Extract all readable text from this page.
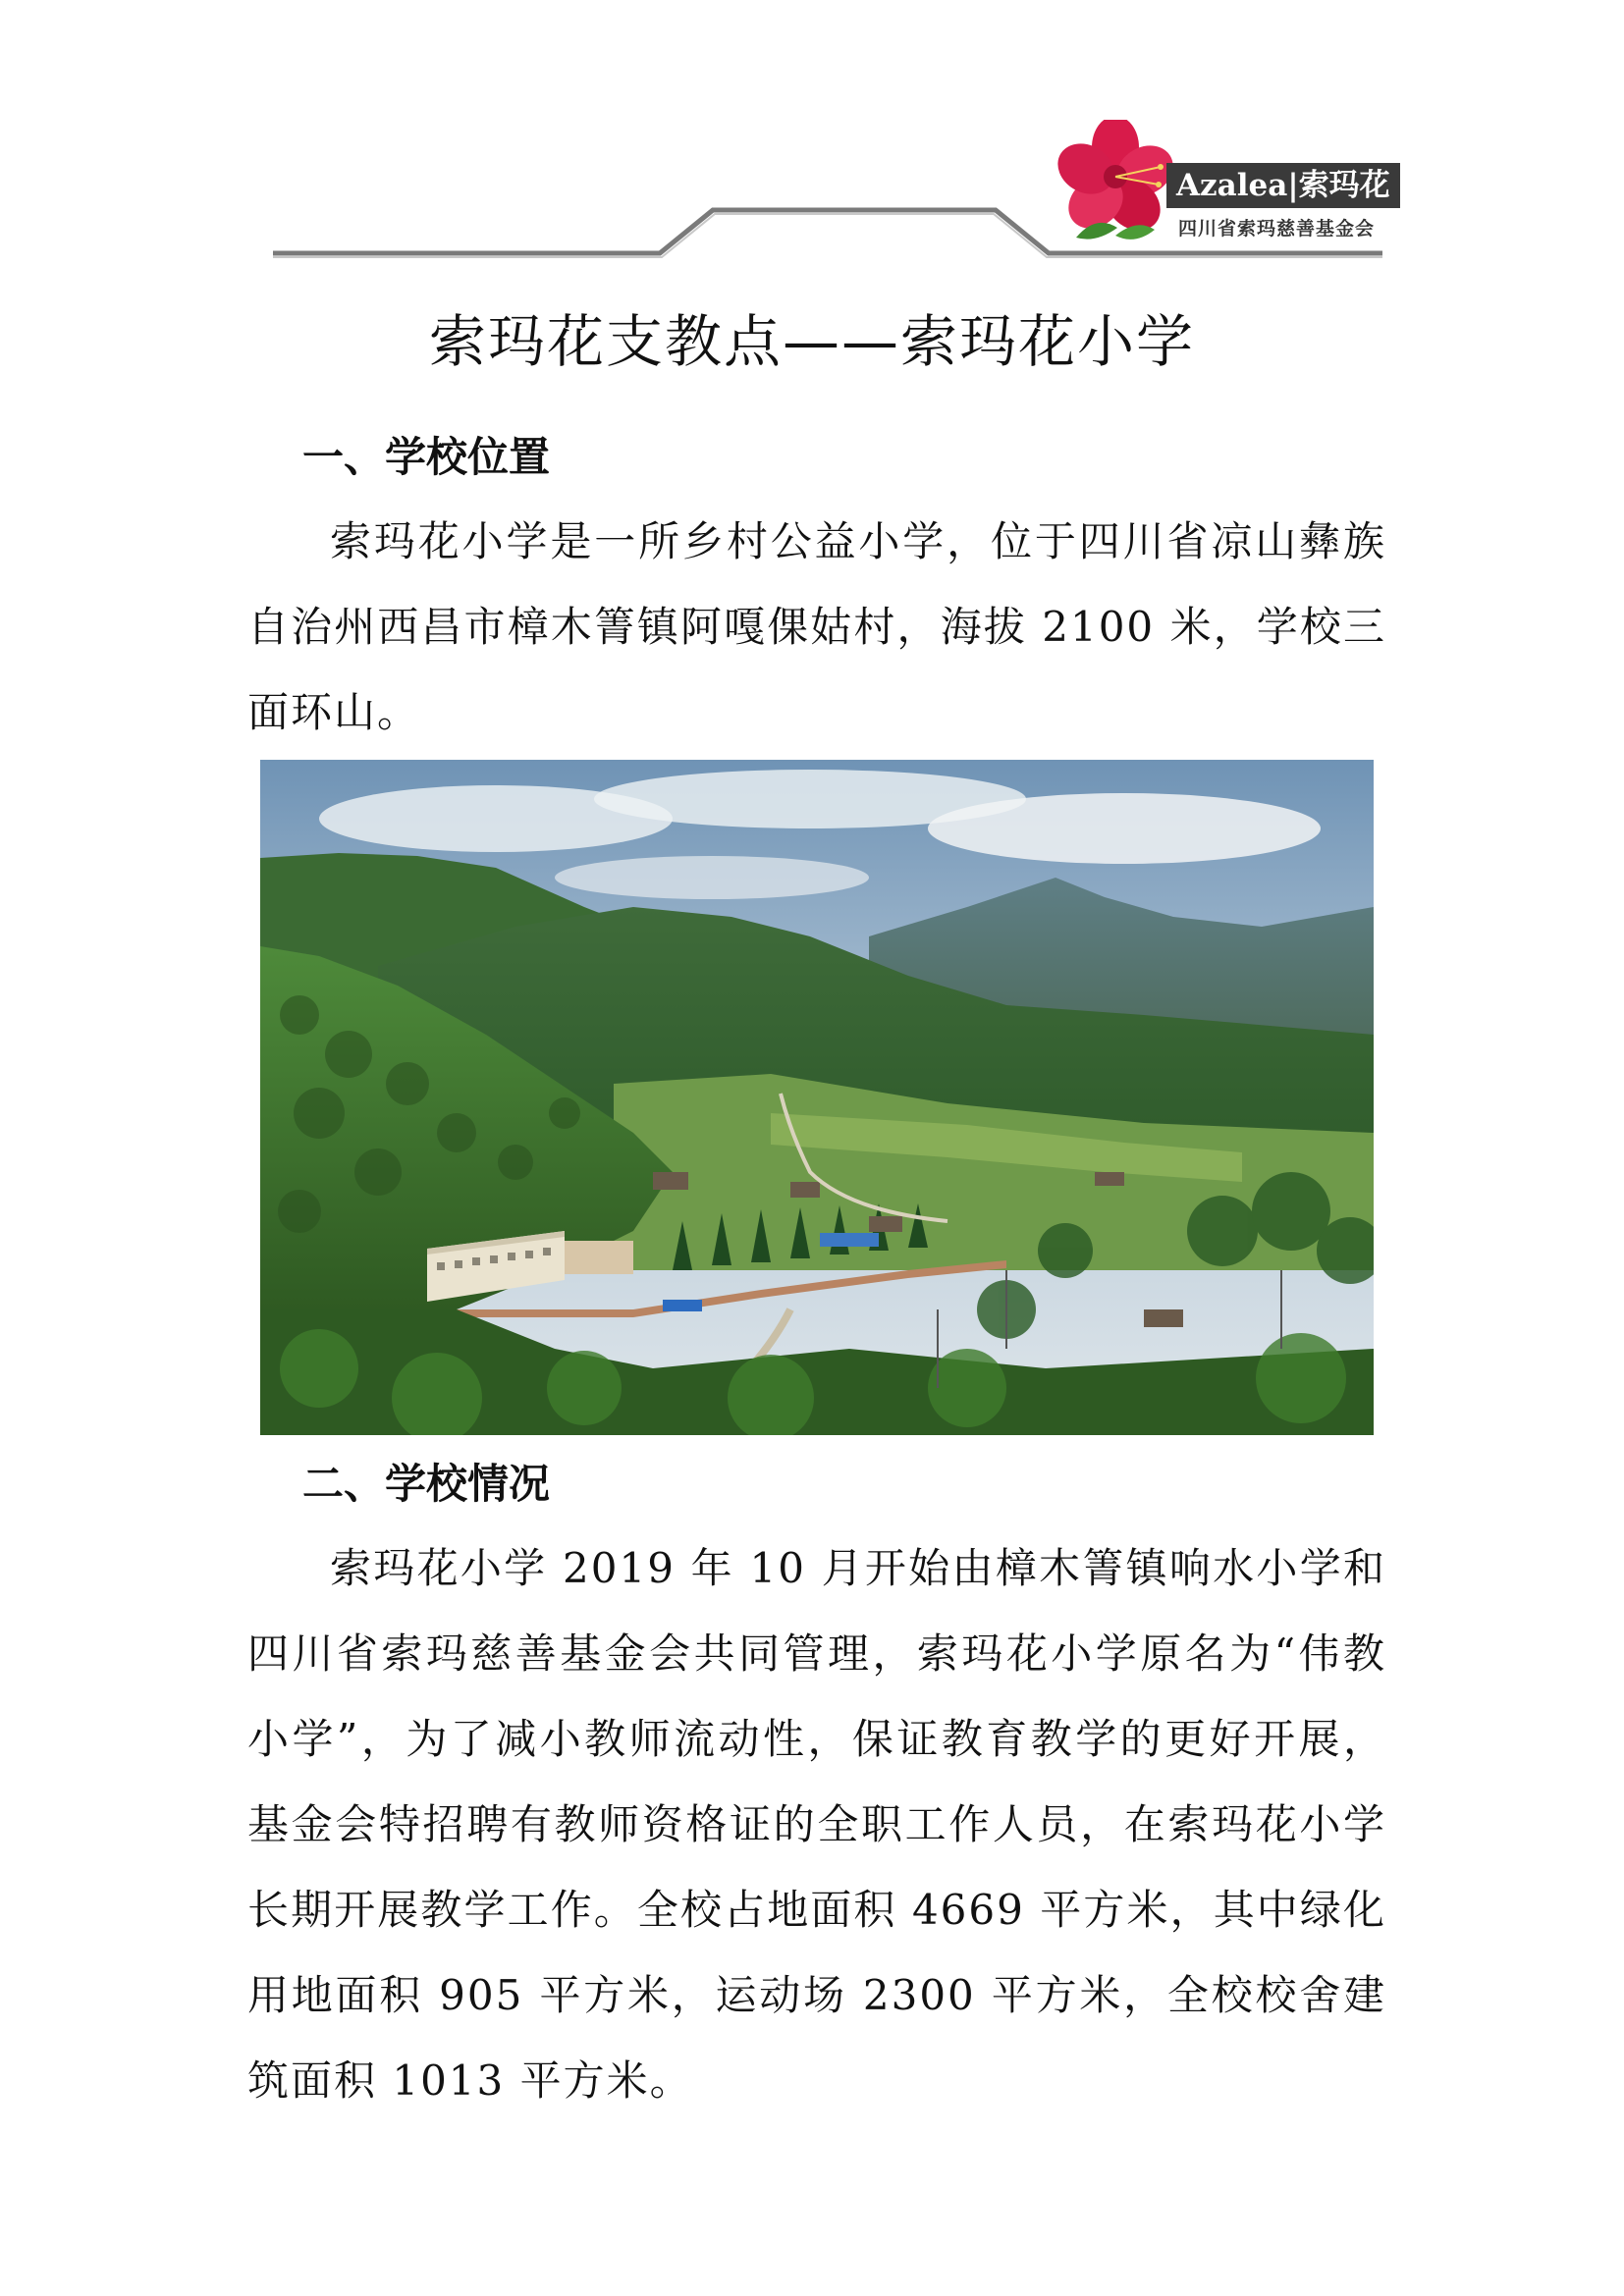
Azalea|索玛花
四川省索玛慈善基金会
索玛花支教点——索玛花小学
一、学校位置

索玛花小学是一所乡村公益小学，位于四川省凉山彝族自治州西昌市樟木箐镇阿嘎倮姑村，海拔 2100 米，学校三面环山。

二、学校情况

索玛花小学 2019 年 10 月开始由樟木箐镇响水小学和四川省索玛慈善基金会共同管理，索玛花小学原名为“伟教小学”，为了减小教师流动性，保证教育教学的更好开展，基金会特招聘有教师资格证的全职工作人员，在索玛花小学长期开展教学工作。全校占地面积 4669 平方米，其中绿化用地面积 905 平方米，运动场 2300 平方米，全校校舍建筑面积 1013 平方米。
